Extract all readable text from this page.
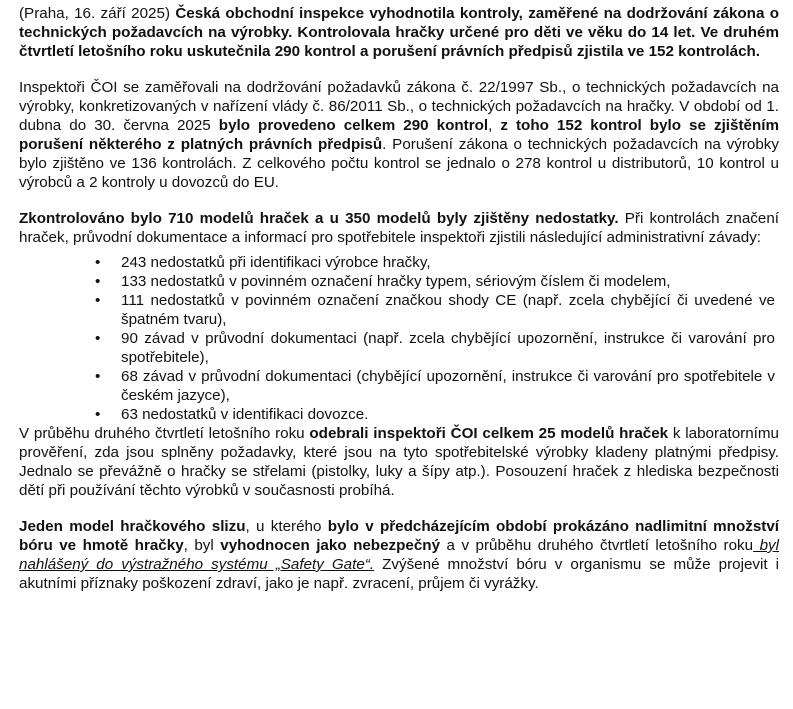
(Praha, 16. září 2025) Česká obchodní inspekce vyhodnotila kontroly, zaměřené na dodržování zákona o technických požadavcích na výrobky. Kontrolovala hračky určené pro děti ve věku do 14 let. Ve druhém čtvrtletí letošního roku uskutečnila 290 kontrol a porušení právních předpisů zjistila ve 152 kontrolách.

Inspektoři ČOI se zaměřovali na dodržování požadavků zákona č. 22/1997 Sb., o technických požadavcích na výrobky, konkretizovaných v nařízení vlády č. 86/2011 Sb., o technických požadavcích na hračky. V období od 1. dubna do 30. června 2025 bylo provedeno celkem 290 kontrol, z toho 152 kontrol bylo se zjištěním porušení některého z platných právních předpisů. Porušení zákona o technických požadavcích na výrobky bylo zjištěno ve 136 kontrolách. Z celkového počtu kontrol se jednalo o 278 kontrol u distributorů, 10 kontrol u výrobců a 2 kontroly u dovozců do EU.

Zkontrolováno bylo 710 modelů hraček a u 350 modelů byly zjištěny nedostatky. Při kontrolách značení hraček, průvodní dokumentace a informací pro spotřebitele inspektoři zjistili následující administrativní závady:

• 243 nedostatků při identifikaci výrobce hračky,
• 133 nedostatků v povinném označení hračky typem, sériovým číslem či modelem,
• 111 nedostatků v povinném označení značkou shody CE (např. zcela chybějící či uvedené ve špatném tvaru),
• 90 závad v průvodní dokumentaci (např. zcela chybějící upozornění, instrukce či varování pro spotřebitele),
• 68 závad v průvodní dokumentaci (chybějící upozornění, instrukce či varování pro spotřebitele v českém jazyce),
• 63 nedostatků v identifikaci dovozce.

V průběhu druhého čtvrtletí letošního roku odebrali inspektoři ČOI celkem 25 modelů hraček k laboratornímu prověření, zda jsou splněny požadavky, které jsou na tyto spotřebitelské výrobky kladeny platnými předpisy. Jednalo se převážně o hračky se střelami (pistolky, luky a šípy atp.). Posouzení hraček z hlediska bezpečnosti dětí při používání těchto výrobků v současnosti probíhá.

Jeden model hračkového slizu, u kterého bylo v předcházejícím období prokázáno nadlimitní množství bóru ve hmotě hračky, byl vyhodnocen jako nebezpečný a v průběhu druhého čtvrtletí letošního roku byl nahlášený do výstražného systému „Safety Gate“. Zvýšené množství bóru v organismu se může projevit i akutními příznaky poškození zdraví, jako je např. zvracení, průjem či vyrážky.
